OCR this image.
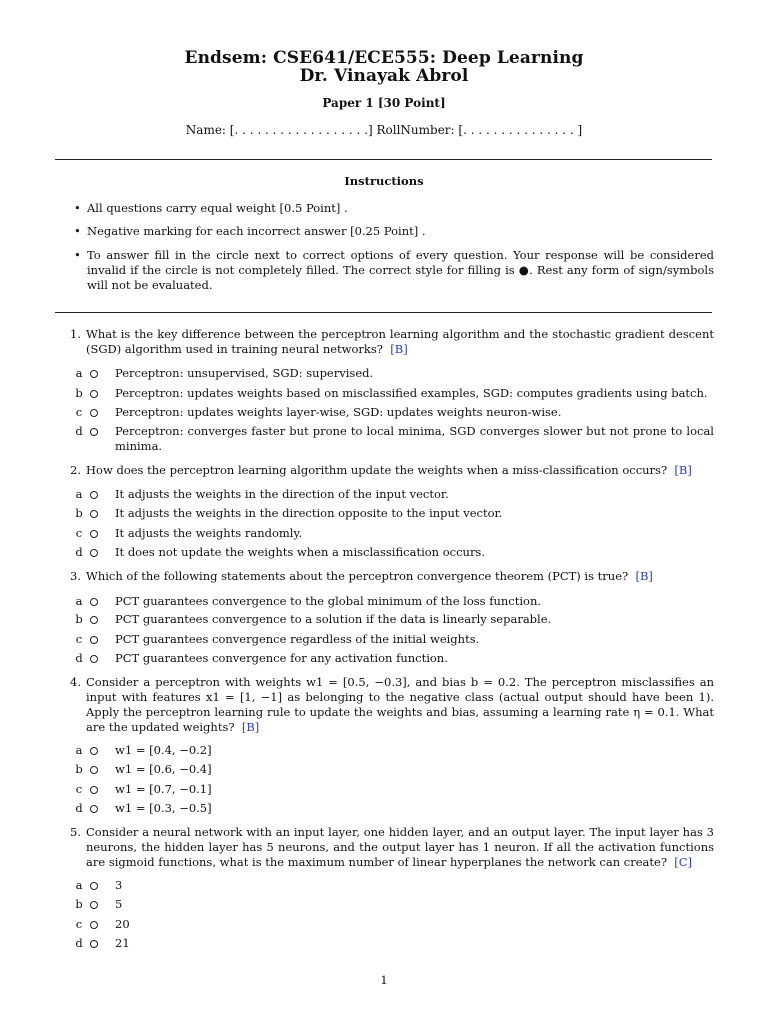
Endsem: CSE641/ECE555: Deep Learning
Dr. Vinayak Abrol
Paper 1 [30 Point]
Name: [. . . . . . . . . . . . . . . . . .] RollNumber: [. . . . . . . . . . . . . . . ]
Instructions
• All questions carry equal weight [0.5 Point] .
• Negative marking for each incorrect answer [0.25 Point] .
• To answer fill in the circle next to correct options of every question. Your response will be considered invalid if the circle is not completely filled. The correct style for filling is ●. Rest any form of sign/symbols will not be evaluated.
1. What is the key difference between the perceptron learning algorithm and the stochastic gradient descent (SGD) algorithm used in training neural networks? [B]
a	Perceptron: unsupervised, SGD: supervised.
b	Perceptron: updates weights based on misclassified examples, SGD: computes gradients using batch.
c	Perceptron: updates weights layer-wise, SGD: updates weights neuron-wise.
d	Perceptron: converges faster but prone to local minima, SGD converges slower but not prone to local minima.
2. How does the perceptron learning algorithm update the weights when a miss-classification occurs? [B]
a	It adjusts the weights in the direction of the input vector.
b	It adjusts the weights in the direction opposite to the input vector.
c	It adjusts the weights randomly.
d	It does not update the weights when a misclassification occurs.
3. Which of the following statements about the perceptron convergence theorem (PCT) is true? [B]
a	PCT guarantees convergence to the global minimum of the loss function.
b	PCT guarantees convergence to a solution if the data is linearly separable.
c	PCT guarantees convergence regardless of the initial weights.
d	PCT guarantees convergence for any activation function.
4. Consider a perceptron with weights w1 = [0.5, −0.3], and bias b = 0.2. The perceptron misclassifies an input with features x1 = [1, −1] as belonging to the negative class (actual output should have been 1). Apply the perceptron learning rule to update the weights and bias, assuming a learning rate η = 0.1. What are the updated weights? [B]
a	w1 = [0.4, −0.2]
b	w1 = [0.6, −0.4]
c	w1 = [0.7, −0.1]
d	w1 = [0.3, −0.5]
5. Consider a neural network with an input layer, one hidden layer, and an output layer. The input layer has 3 neurons, the hidden layer has 5 neurons, and the output layer has 1 neuron. If all the activation functions are sigmoid functions, what is the maximum number of linear hyperplanes the network can create? [C]
a	3
b	5
c	20
d	21
1
